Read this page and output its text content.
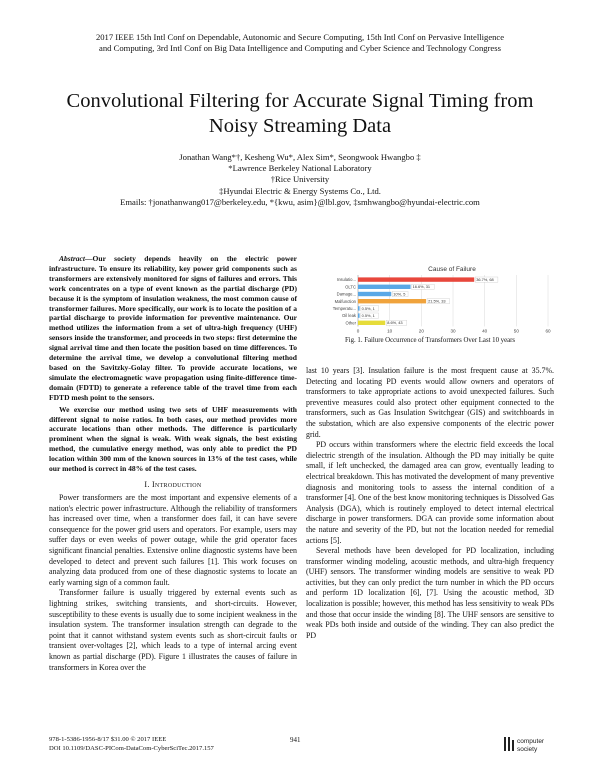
2017 IEEE 15th Intl Conf on Dependable, Autonomic and Secure Computing, 15th Intl Conf on Pervasive Intelligence
and Computing, 3rd Intl Conf on Big Data Intelligence and Computing and Cyber Science and Technology Congress
Convolutional Filtering for Accurate Signal Timing from Noisy Streaming Data
Jonathan Wang*†, Kesheng Wu*, Alex Sim*, Seongwook Hwangbo ‡
*Lawrence Berkeley National Laboratory
†Rice University
‡Hyundai Electric & Energy Systems Co., Ltd.
Emails: †jonathanwang017@berkeley.edu, *{kwu, asim}@lbl.gov, ‡smhwangbo@hyundai-electric.com

Abstract—Our society depends heavily on the electric power infrastructure. To ensure its reliability, key power grid components such as transformers are extensively monitored for signs of failures and errors. This work concentrates on a type of event known as the partial discharge (PD) because it is the symptom of insulation weakness, the most common cause of transformer failures. More specifically, our work is to locate the position of a partial discharge to provide information for preventive maintenance. Our method utilizes the information from a set of ultra-high frequency (UHF) sensors inside the transformer, and proceeds in two steps: first determine the signal arrival time and then locate the position based on time differences. To determine the arrival time, we develop a convolutional filtering method based on the Savitzky-Golay filter. To provide accurate locations, we simulate the electromagnetic wave propagation using finite-difference time-domain (FDTD) to generate a reference table of the travel time from each FDTD mesh point to the sensors.

We exercise our method using two sets of UHF measurements with different signal to noise ratios. In both cases, our method provides more accurate locations than other methods. The difference is particularly prominent when the signal is weak. With weak signals, the best existing method, the cumulative energy method, was only able to predict the PD location within 300 mm of the known sources in 13% of the test cases, while our method is correct in 48% of the test cases.

I. Introduction

Power transformers are the most important and expensive elements of a nation's electric power infrastructure. Although the reliability of transformers has increased over time, when a transformer does fail, it can have severe consequence for the power grid users and operators. For example, users may suffer days or even weeks of power outage, while the grid operator faces significant financial penalties. Extensive online diagnostic systems have been developed to detect and prevent such failures [1]. This work focuses on analyzing data produced from one of these diagnostic systems to locate an early warning sign of a common fault.

Transformer failure is usually triggered by external events such as lightning strikes, switching transients, and short-circuits. However, susceptibility to these events is usually due to some incipient weakness in the insulation system. The transformer insulation strength can degrade to the point that it cannot withstand system events such as short-circuit faults or transient over-voltages [2], which leads to a type of internal arcing event known as partial discharge (PD). Figure 1 illustrates the causes of failure in transformers in Korea over the

Cause of Failure
0	10	20	30	40	50	60
Insulatio...	36.7%, 68
OLTC	16.6%, 31
Damage...	10%, 5
Malfunction	21.5%, 33
Temperatu... 0.5%, 1
Oil leak 0.5%, 1
Other	8.6%, 43
Fig. 1. Failure Occurrence of Transformers Over Last 10 years

last 10 years [3]. Insulation failure is the most frequent cause at 35.7%. Detecting and locating PD events would allow owners and operators of transformers to take appropriate actions to avoid unexpected failures. Such preventive measures could also protect other equipment connected to the transformers, such as Gas Insulation Switchgear (GIS) and switchboards in the substation, which are also expensive components of the electric power grid.

PD occurs within transformers where the electric field exceeds the local dielectric strength of the insulation. Although the PD may initially be quite small, if left unchecked, the damaged area can grow, eventually leading to electrical breakdown. This has motivated the development of many preventive diagnosis and monitoring tools to assess the internal condition of a transformer [4]. One of the best know monitoring techniques is Dissolved Gas Analysis (DGA), which is routinely employed to detect internal electrical discharge in power transformers. DGA can provide some information about the nature and severity of the PD, but not the location needed for remedial actions [5].

Several methods have been developed for PD localization, including transformer winding modeling, acoustic methods, and ultra-high frequency (UHF) sensors. The transformer winding models are sensitive to weak PD activities, but they can only predict the turn number in which the PD occurs and perform 1D localization [6], [7]. Using the acoustic method, 3D localization is possible; however, this method has less sensitivity to weak PDs and those that occur inside the winding [8]. The UHF sensors are sensitive to weak PDs both inside and outside of the winding. They can also predict the PD

978-1-5386-1956-8/17 $31.00 © 2017 IEEE
DOI 10.1109/DASC-PICom-DataCom-CyberSciTec.2017.157
941	computer
society
